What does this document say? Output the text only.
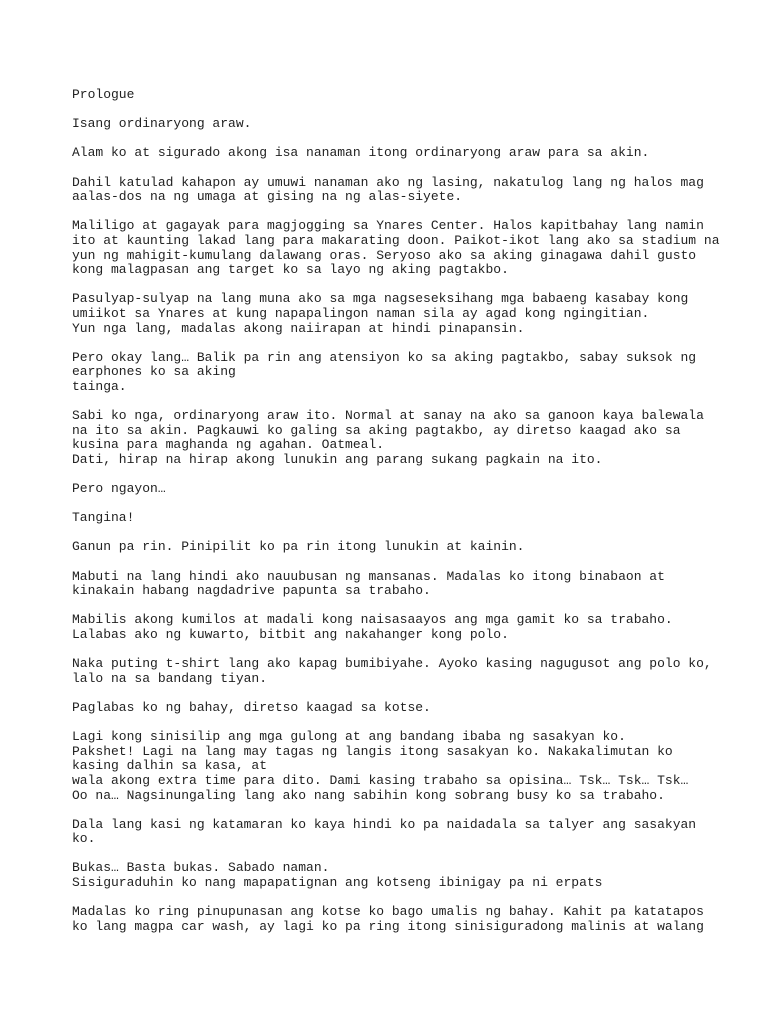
Prologue

Isang ordinaryong araw.

Alam ko at sigurado akong isa nanaman itong ordinaryong araw para sa akin.

Dahil katulad kahapon ay umuwi nanaman ako ng lasing, nakatulog lang ng halos mag
aalas-dos na ng umaga at gising na ng alas-siyete.

Maliligo at gagayak para magjogging sa Ynares Center. Halos kapitbahay lang namin
ito at kaunting lakad lang para makarating doon. Paikot-ikot lang ako sa stadium na
yun ng mahigit-kumulang dalawang oras. Seryoso ako sa aking ginagawa dahil gusto
kong malagpasan ang target ko sa layo ng aking pagtakbo.

Pasulyap-sulyap na lang muna ako sa mga nagseseksihang mga babaeng kasabay kong
umiikot sa Ynares at kung napapalingon naman sila ay agad kong ngingitian.
Yun nga lang, madalas akong naiirapan at hindi pinapansin.

Pero okay lang… Balik pa rin ang atensiyon ko sa aking pagtakbo, sabay suksok ng
earphones ko sa aking
tainga.

Sabi ko nga, ordinaryong araw ito. Normal at sanay na ako sa ganoon kaya balewala
na ito sa akin. Pagkauwi ko galing sa aking pagtakbo, ay diretso kaagad ako sa
kusina para maghanda ng agahan. Oatmeal.
Dati, hirap na hirap akong lunukin ang parang sukang pagkain na ito.

Pero ngayon…

Tangina!

Ganun pa rin. Pinipilit ko pa rin itong lunukin at kainin.

Mabuti na lang hindi ako nauubusan ng mansanas. Madalas ko itong binabaon at
kinakain habang nagdadrive papunta sa trabaho.

Mabilis akong kumilos at madali kong naisasaayos ang mga gamit ko sa trabaho.
Lalabas ako ng kuwarto, bitbit ang nakahanger kong polo.

Naka puting t-shirt lang ako kapag bumibiyahe. Ayoko kasing nagugusot ang polo ko,
lalo na sa bandang tiyan.

Paglabas ko ng bahay, diretso kaagad sa kotse.

Lagi kong sinisilip ang mga gulong at ang bandang ibaba ng sasakyan ko.
Pakshet! Lagi na lang may tagas ng langis itong sasakyan ko. Nakakalimutan ko
kasing dalhin sa kasa, at
wala akong extra time para dito. Dami kasing trabaho sa opisina… Tsk… Tsk… Tsk…
Oo na… Nagsinungaling lang ako nang sabihin kong sobrang busy ko sa trabaho.

Dala lang kasi ng katamaran ko kaya hindi ko pa naidadala sa talyer ang sasakyan
ko.

Bukas… Basta bukas. Sabado naman.
Sisiguraduhin ko nang mapapatignan ang kotseng ibinigay pa ni erpats

Madalas ko ring pinupunasan ang kotse ko bago umalis ng bahay. Kahit pa katatapos
ko lang magpa car wash, ay lagi ko pa ring itong sinisiguradong malinis at walang
